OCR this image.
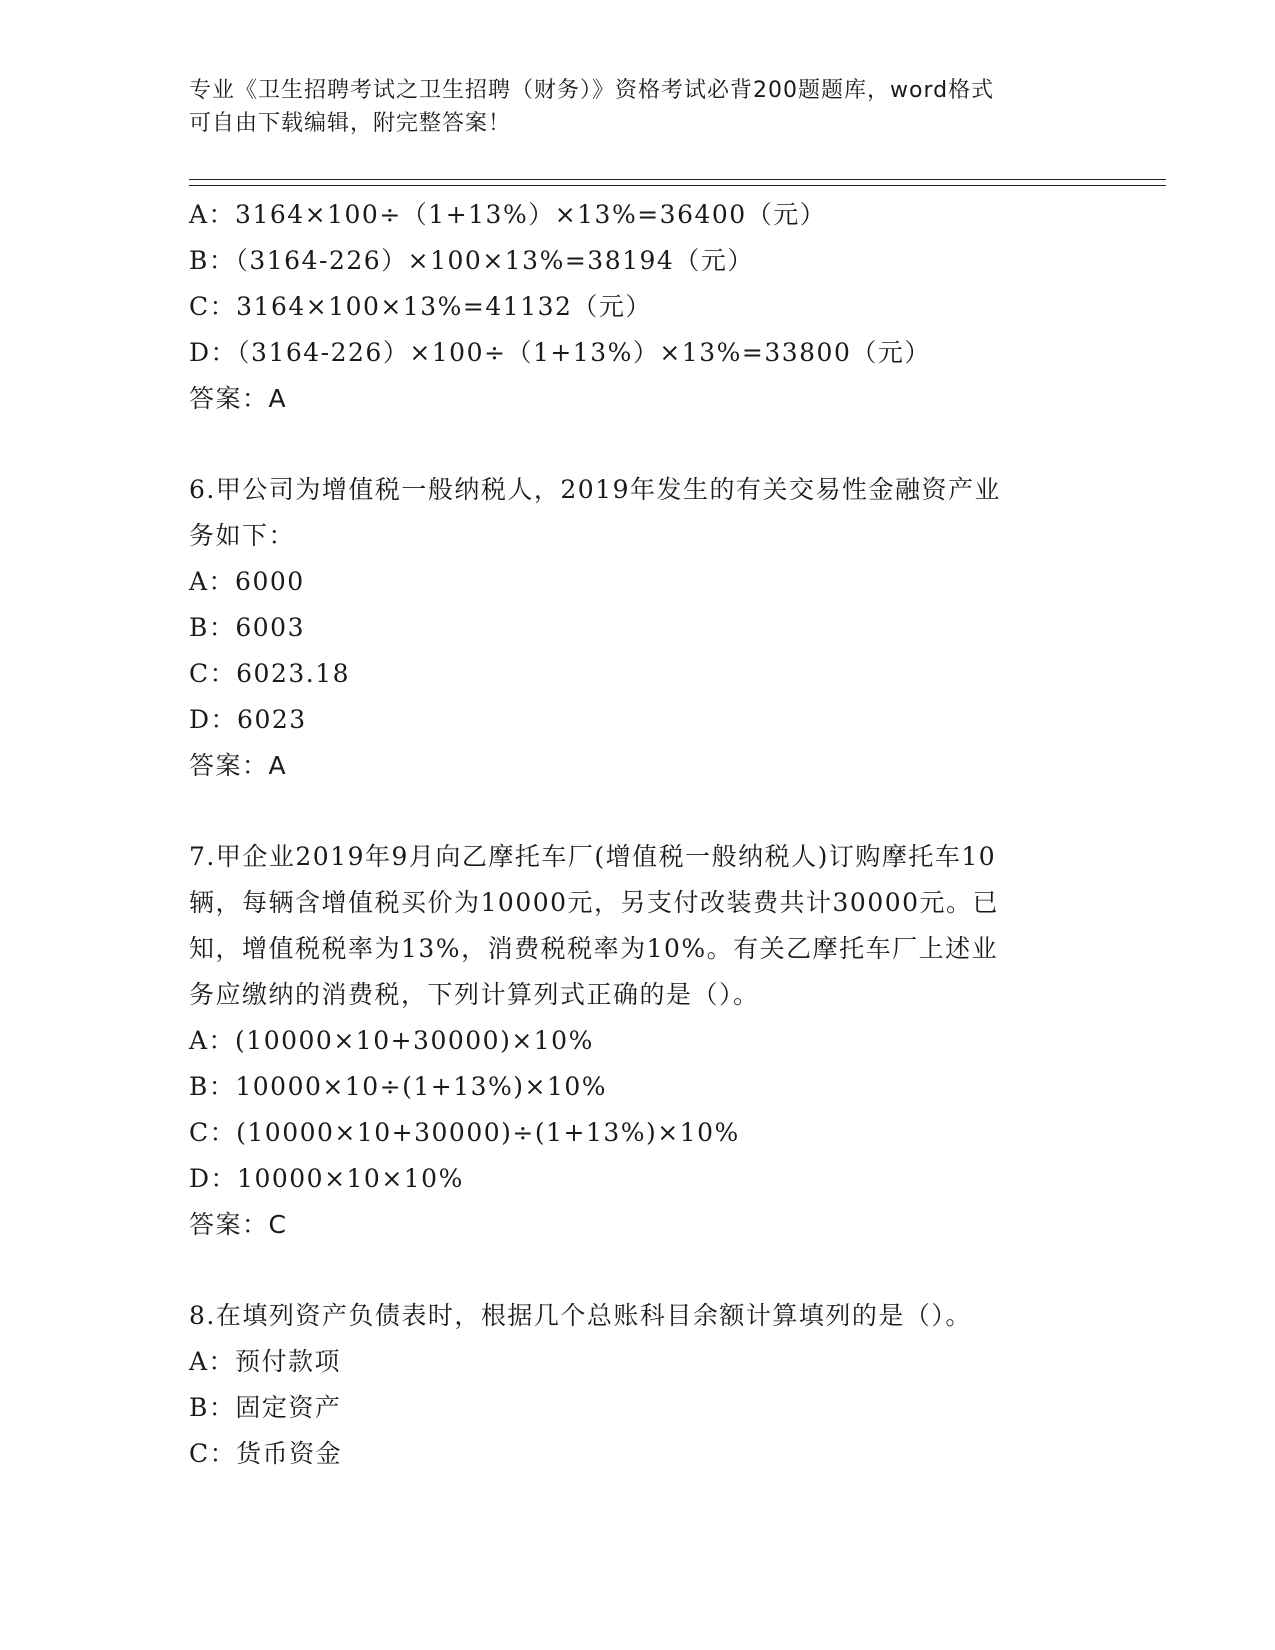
专业《卫生招聘考试之卫生招聘（财务）》资格考试必背200题题库，word格式
可自由下载编辑，附完整答案！
A：3164×100÷（1+13%）×13%=36400（元）
B：（3164-226）×100×13%=38194（元）
C：3164×100×13%=41132（元）
D：（3164-226）×100÷（1+13%）×13%=33800（元）
答案：A
6.甲公司为增值税一般纳税人，2019年发生的有关交易性金融资产业
务如下：
A：6000
B：6003
C：6023.18
D：6023
答案：A
7.甲企业2019年9月向乙摩托车厂(增值税一般纳税人)订购摩托车10
辆，每辆含增值税买价为10000元，另支付改装费共计30000元。已
知，增值税税率为13%，消费税税率为10%。有关乙摩托车厂上述业
务应缴纳的消费税，下列计算列式正确的是（）。
A：(10000×10+30000)×10%
B：10000×10÷(1+13%)×10%
C：(10000×10+30000)÷(1+13%)×10%
D：10000×10×10%
答案：C
8.在填列资产负债表时，根据几个总账科目余额计算填列的是（）。
A：预付款项
B：固定资产
C：货币资金
